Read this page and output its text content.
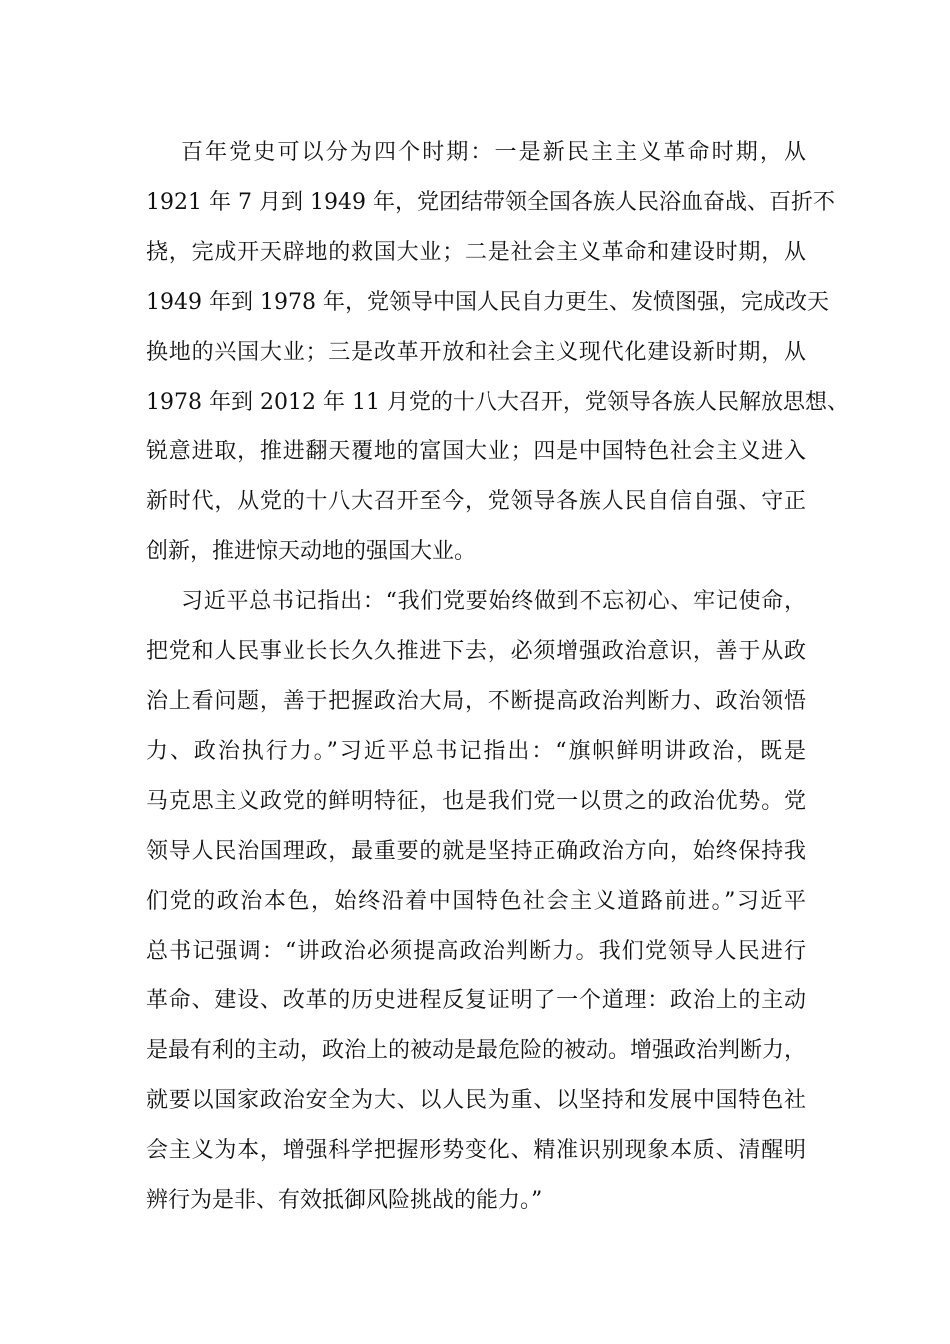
百年党史可以分为四个时期：一是新民主主义革命时期，从
1921 年 7 月到 1949 年，党团结带领全国各族人民浴血奋战、百折不
挠，完成开天辟地的救国大业；二是社会主义革命和建设时期，从
1949 年到 1978 年，党领导中国人民自力更生、发愤图强，完成改天
换地的兴国大业；三是改革开放和社会主义现代化建设新时期，从
1978 年到 2012 年 11 月党的十八大召开，党领导各族人民解放思想、
锐意进取，推进翻天覆地的富国大业；四是中国特色社会主义进入
新时代，从党的十八大召开至今，党领导各族人民自信自强、守正
创新，推进惊天动地的强国大业。

习近平总书记指出：“我们党要始终做到不忘初心、牢记使命，
把党和人民事业长长久久推进下去，必须增强政治意识，善于从政
治上看问题，善于把握政治大局，不断提高政治判断力、政治领悟
力、政治执行力。”习近平总书记指出：“旗帜鲜明讲政治，既是
马克思主义政党的鲜明特征，也是我们党一以贯之的政治优势。党
领导人民治国理政，最重要的就是坚持正确政治方向，始终保持我
们党的政治本色，始终沿着中国特色社会主义道路前进。”习近平
总书记强调：“讲政治必须提高政治判断力。我们党领导人民进行
革命、建设、改革的历史进程反复证明了一个道理：政治上的主动
是最有利的主动，政治上的被动是最危险的被动。增强政治判断力，
就要以国家政治安全为大、以人民为重、以坚持和发展中国特色社
会主义为本，增强科学把握形势变化、精准识别现象本质、清醒明
辨行为是非、有效抵御风险挑战的能力。”
